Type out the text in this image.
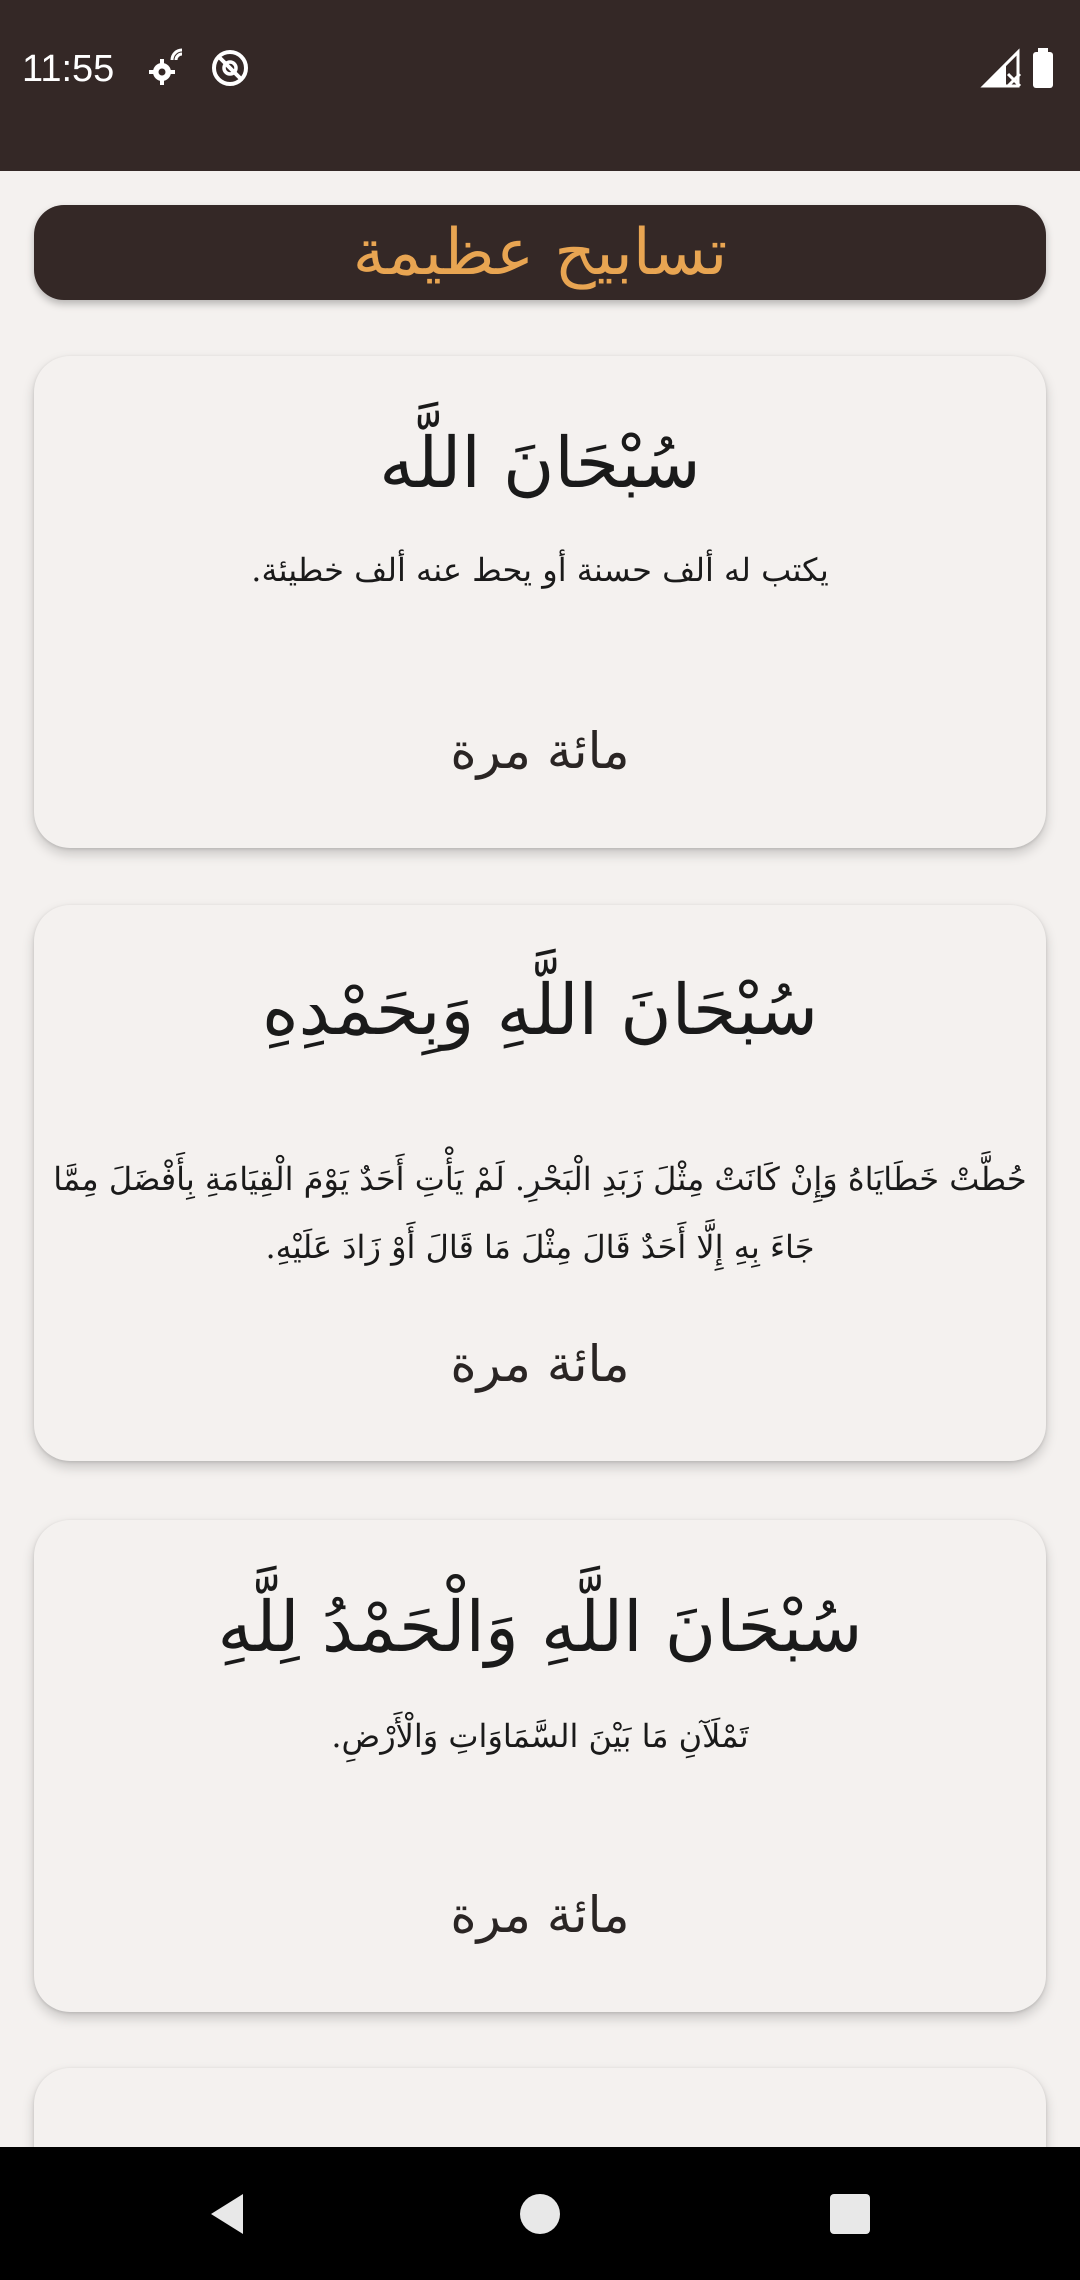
11:55
تسابيح عظيمة
سُبْحَانَ اللَّه
يكتب له ألف حسنة أو يحط عنه ألف خطيئة.
مائة مرة
سُبْحَانَ اللَّهِ وَبِحَمْدِهِ
حُطَّتْ خَطَايَاهُ وَإِنْ كَانَتْ مِثْلَ زَبَدِ الْبَحْرِ. لَمْ يَأْتِ أَحَدٌ يَوْمَ الْقِيَامَةِ بِأَفْضَلَ مِمَّا جَاءَ بِهِ إِلَّا أَحَدٌ قَالَ مِثْلَ مَا قَالَ أَوْ زَادَ عَلَيْهِ.
مائة مرة
سُبْحَانَ اللَّهِ وَالْحَمْدُ لِلَّهِ
تَمْلَآنِ مَا بَيْنَ السَّمَاوَاتِ وَالْأَرْضِ.
مائة مرة
